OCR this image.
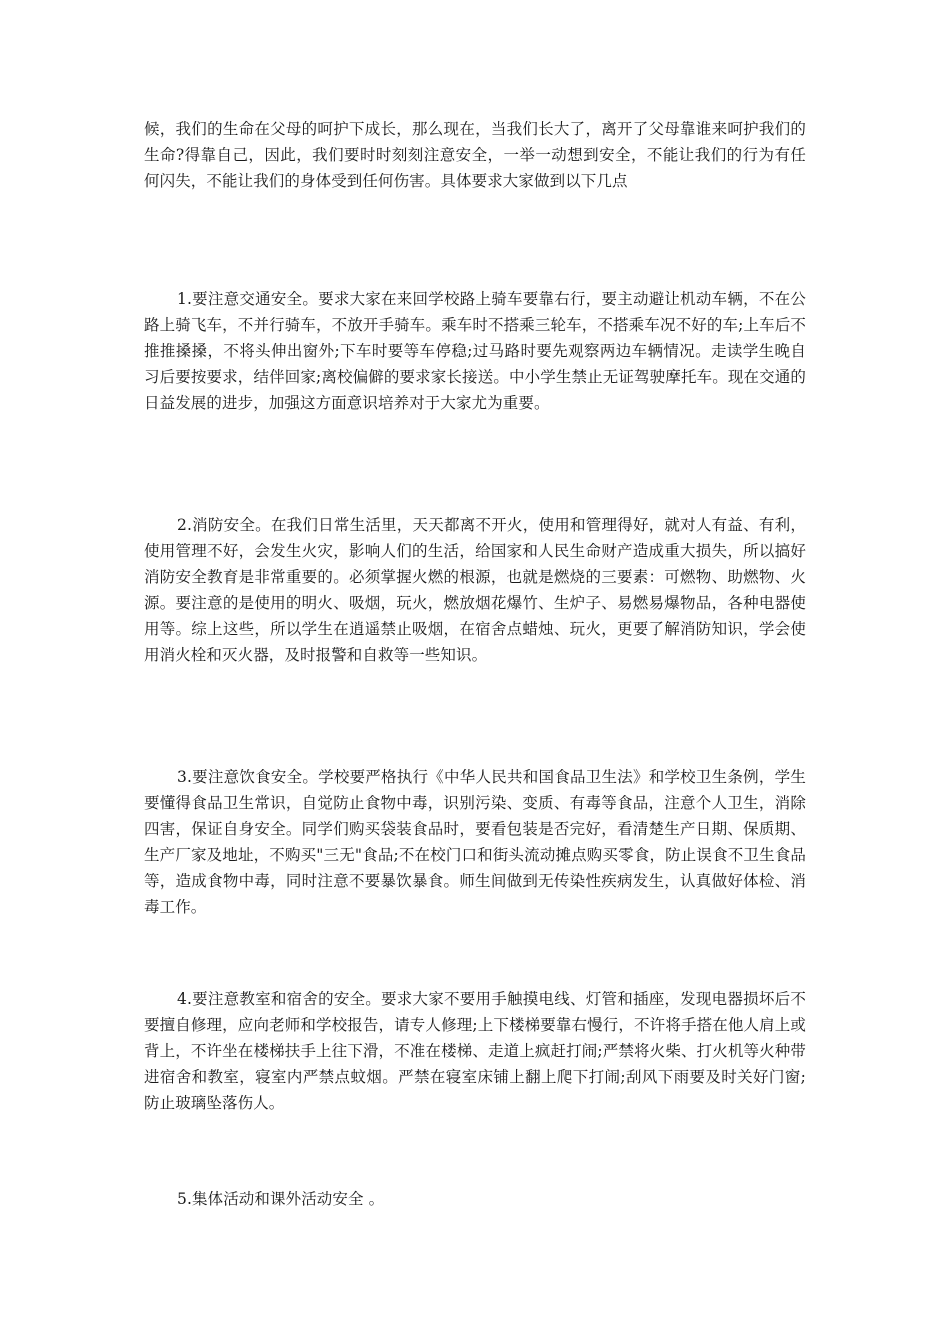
候，我们的生命在父母的呵护下成长，那么现在，当我们长大了，离开了父母靠谁来呵护我们的生命?得靠自己，因此，我们要时时刻刻注意安全，一举一动想到安全，不能让我们的行为有任何闪失，不能让我们的身体受到任何伤害。具体要求大家做到以下几点

1.要注意交通安全。要求大家在来回学校路上骑车要靠右行，要主动避让机动车辆，不在公路上骑飞车，不并行骑车，不放开手骑车。乘车时不搭乘三轮车，不搭乘车况不好的车;上车后不推推搡搡，不将头伸出窗外;下车时要等车停稳;过马路时要先观察两边车辆情况。走读学生晚自习后要按要求，结伴回家;离校偏僻的要求家长接送。中小学生禁止无证驾驶摩托车。现在交通的日益发展的进步，加强这方面意识培养对于大家尤为重要。

2.消防安全。在我们日常生活里，天天都离不开火，使用和管理得好，就对人有益、有利，使用管理不好，会发生火灾，影响人们的生活，给国家和人民生命财产造成重大损失，所以搞好消防安全教育是非常重要的。必须掌握火燃的根源，也就是燃烧的三要素：可燃物、助燃物、火源。要注意的是使用的明火、吸烟，玩火，燃放烟花爆竹、生炉子、易燃易爆物品，各种电器使用等。综上这些，所以学生在逍遥禁止吸烟，在宿舍点蜡烛、玩火，更要了解消防知识，学会使用消火栓和灭火器，及时报警和自救等一些知识。

3.要注意饮食安全。学校要严格执行《中华人民共和国食品卫生法》和学校卫生条例，学生要懂得食品卫生常识，自觉防止食物中毒，识别污染、变质、有毒等食品，注意个人卫生，消除四害，保证自身安全。同学们购买袋装食品时，要看包装是否完好，看清楚生产日期、保质期、生产厂家及地址，不购买"三无"食品;不在校门口和街头流动摊点购买零食，防止误食不卫生食品等，造成食物中毒，同时注意不要暴饮暴食。师生间做到无传染性疾病发生，认真做好体检、消毒工作。

4.要注意教室和宿舍的安全。要求大家不要用手触摸电线、灯管和插座，发现电器损坏后不要擅自修理，应向老师和学校报告，请专人修理;上下楼梯要靠右慢行，不许将手搭在他人肩上或背上，不许坐在楼梯扶手上往下滑，不准在楼梯、走道上疯赶打闹;严禁将火柴、打火机等火种带进宿舍和教室，寝室内严禁点蚊烟。严禁在寝室床铺上翻上爬下打闹;刮风下雨要及时关好门窗;防止玻璃坠落伤人。

5.集体活动和课外活动安全 。
